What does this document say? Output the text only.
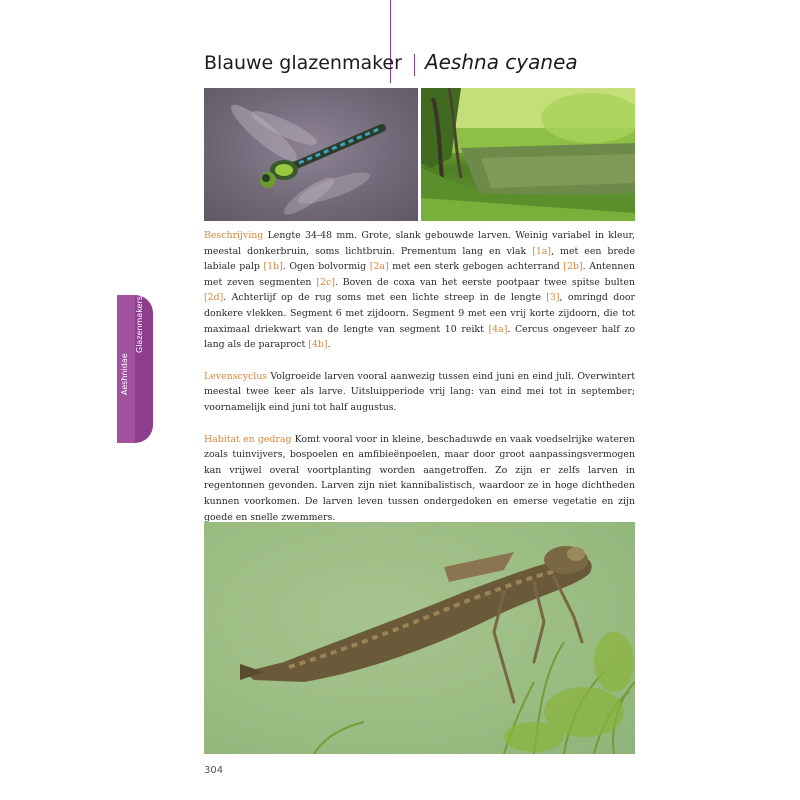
Blauwe glazenmaker Aeshna cyanea

Beschrijving Lengte 34-48 mm. Grote, slank gebouwde larven. Weinig variabel in kleur, meestal donkerbruin, soms lichtbruin. Prementum lang en vlak [1a], met een brede labiale palp [1b]. Ogen bolvormig [2a] met een sterk gebogen achterrand [2b]. Antennen met zeven segmenten [2c]. Boven de coxa van het eerste pootpaar twee spitse bulten [2d]. Achterlijf op de rug soms met een lichte streep in de lengte [3], omringd door donkere vlekken. Segment 6 met zijdoorn. Segment 9 met een vrij korte zijdoorn, die tot maximaal driekwart van de lengte van segment 10 reikt [4a]. Cercus ongeveer half zo lang als de paraproct [4b].

Levenscyclus Volgroeide larven vooral aanwezig tussen eind juni en eind juli. Overwintert meestal twee keer als larve. Uitsluipperiode vrij lang: van eind mei tot in september; voornamelijk eind juni tot half augustus.

Habitat en gedrag Komt vooral voor in kleine, beschaduwde en vaak voedselrijke wateren zoals tuinvijvers, bospoelen en amfibieënpoelen, maar door groot aanpassingsvermogen kan vrijwel overal voortplanting worden aangetroffen. Zo zijn er zelfs larven in regentonnen gevonden. Larven zijn niet kannibalistisch, waardoor ze in hoge dichtheden kunnen voorkomen. De larven leven tussen ondergedoken en emerse vegetatie en zijn goede en snelle zwemmers.

Aeshnidae
Glazenmakers
304
